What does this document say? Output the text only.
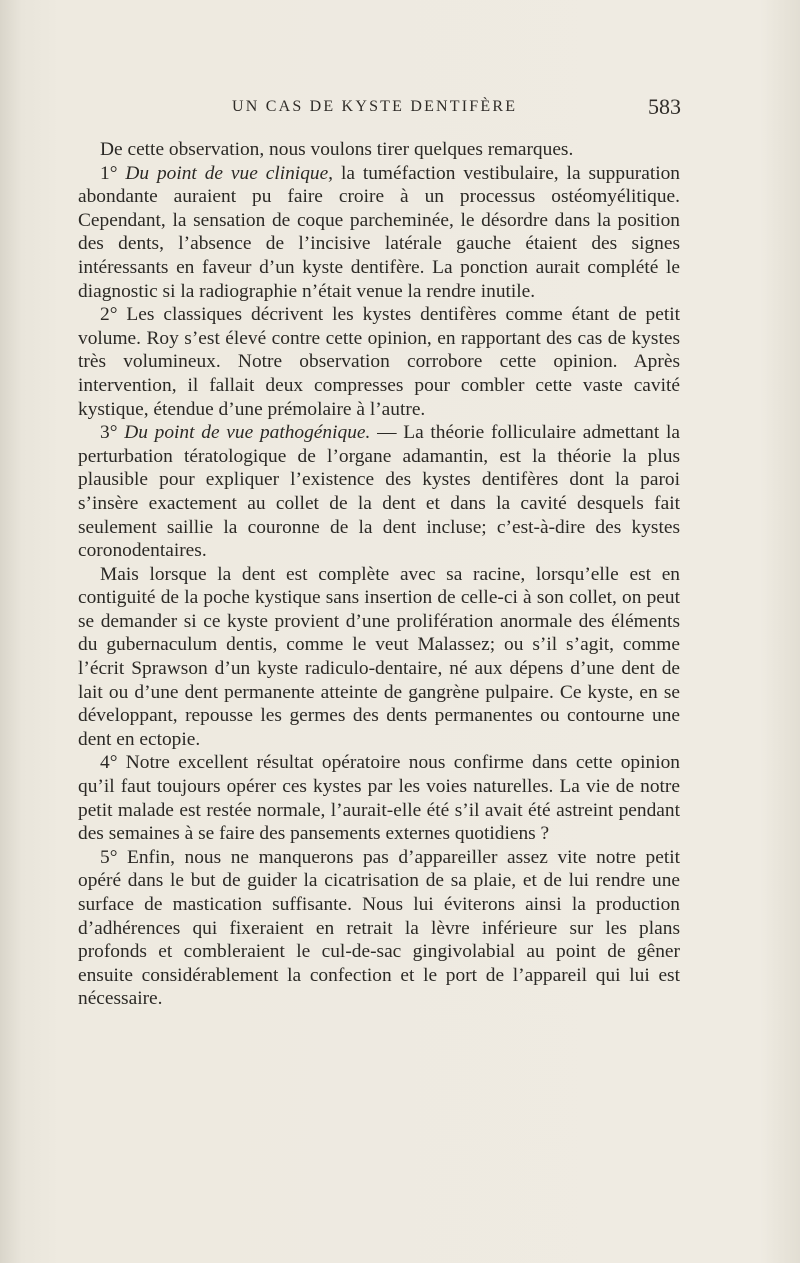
UN CAS DE KYSTE DENTIFÈRE	583

De cette observation, nous voulons tirer quelques remarques.

1° Du point de vue clinique, la tuméfaction vestibulaire, la suppuration abondante auraient pu faire croire à un processus ostéomyélitique. Cependant, la sensation de coque parcheminée, le désordre dans la position des dents, l’absence de l’incisive latérale gauche étaient des signes intéressants en faveur d’un kyste dentifère. La ponction aurait complété le diagnostic si la radiographie n’était venue la rendre inutile.

2° Les classiques décrivent les kystes dentifères comme étant de petit volume. Roy s’est élevé contre cette opinion, en rapportant des cas de kystes très volumineux. Notre observation corrobore cette opinion. Après intervention, il fallait deux compresses pour combler cette vaste cavité kystique, étendue d’une prémolaire à l’autre.

3° Du point de vue pathogénique. — La théorie folliculaire admettant la perturbation tératologique de l’organe adamantin, est la théorie la plus plausible pour expliquer l’existence des kystes dentifères dont la paroi s’insère exactement au collet de la dent et dans la cavité desquels fait seulement saillie la couronne de la dent incluse; c’est-à-dire des kystes coronodentaires.

Mais lorsque la dent est complète avec sa racine, lorsqu’elle est en contiguité de la poche kystique sans insertion de celle-ci à son collet, on peut se demander si ce kyste provient d’une prolifération anormale des éléments du gubernaculum dentis, comme le veut Malassez; ou s’il s’agit, comme l’écrit Sprawson d’un kyste radiculo-dentaire, né aux dépens d’une dent de lait ou d’une dent permanente atteinte de gangrène pulpaire. Ce kyste, en se développant, repousse les germes des dents permanentes ou contourne une dent en ectopie.

4° Notre excellent résultat opératoire nous confirme dans cette opinion qu’il faut toujours opérer ces kystes par les voies naturelles. La vie de notre petit malade est restée normale, l’aurait-elle été s’il avait été astreint pendant des semaines à se faire des pansements externes quotidiens ?

5° Enfin, nous ne manquerons pas d’appareiller assez vite notre petit opéré dans le but de guider la cicatrisation de sa plaie, et de lui rendre une surface de mastication suffisante. Nous lui éviterons ainsi la production d’adhérences qui fixeraient en retrait la lèvre inférieure sur les plans profonds et combleraient le cul-de-sac gingivolabial au point de gêner ensuite considérablement la confection et le port de l’appareil qui lui est nécessaire.
